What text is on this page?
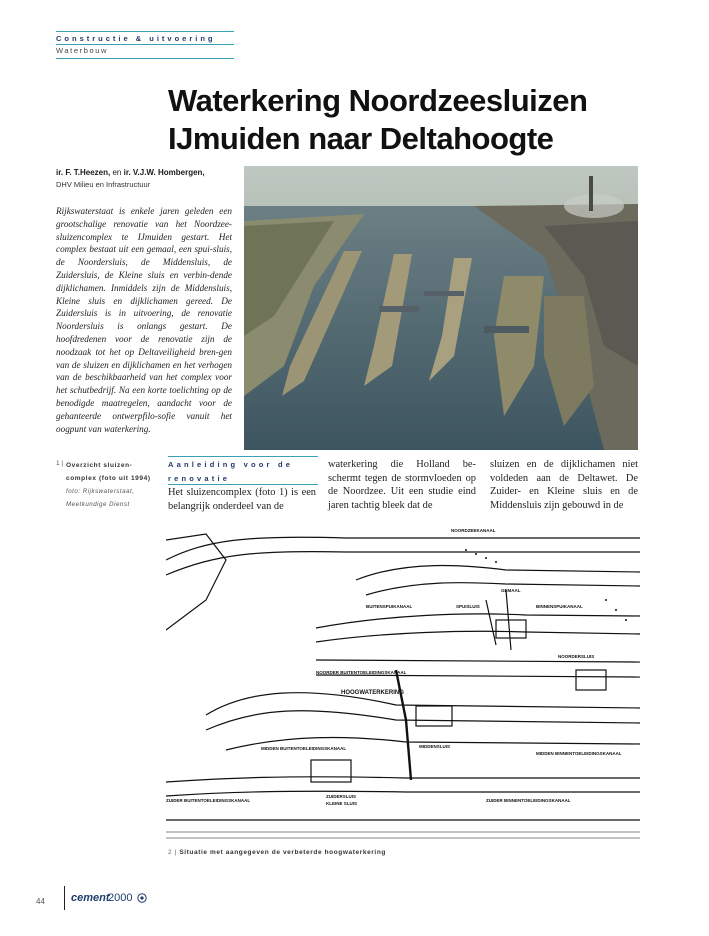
Constructie & uitvoering
Waterbouw
Waterkering Noordzeesluizen
IJmuiden naar Deltahoogte
ir. F. T.Heezen, en ir. V.J.W. Hombergen,
DHV Milieu en Infrastructuur
Rijkswaterstaat is enkele jaren geleden een grootschalige renovatie van het Noordzee-sluizencomplex te IJmuiden gestart. Het complex bestaat uit een gemaal, een spui-sluis, de Noordersluis, de Middensluis, de Zuidersluis, de Kleine sluis en verbin-dende dijklichamen. Inmiddels zijn de Middensluis, Kleine sluis en dijklichamen gereed. De Zuidersluis is in uitvoering, de renovatie Noordersluis is onlangs gestart. De hoofdredenen voor de renovatie zijn de noodzaak tot het op Deltaveiligheid bren-gen van de sluizen en dijklichamen en het verhogen van de beschikbaarheid van het complex voor het schutbedrijf. Na een korte toelichting op de benodigde maatregelen, aandacht voor de gehanteerde ontwerpfilo-sofie vanuit het oogpunt van waterkering.
1 | Overzicht sluizen-complex (foto uit 1994)
foto: Rijkswaterstaat, Meetkundige Dienst
Aanleiding voor de renovatie
Het sluizencomplex (foto 1) is een belangrijk onderdeel van de
waterkering die Holland be-schermt tegen de stormvloeden op de Noordzee. Uit een studie eind jaren tachtig bleek dat de
sluizen en de dijklichamen niet voldeden aan de Deltawet. De Zuider- en Kleine sluis en de Middensluis zijn gebouwd in de
NOORDZEEKANAAL
GEMAAL
BUITENSPUIKANAAL	SPUISLUIS	BINNENSPUIKANAAL
NOORDERSLUIS
NOORDER BUITENTOELEIDINGSKANAAL
HOOGWATERKERING
MIDDEN BUITENTOELEIDINGSKANAAL	MIDDENSLUIS
MIDDEN BINNENTOELEIDINGSKANAAL
ZUIDER BUITENTOELEIDINGSKANAAL
ZUIDERSLUIS
KLEINE SLUIS
ZUIDER BINNENTOELEIDINGSKANAAL
2 | Situatie met aangegeven de verbeterde hoogwaterkering
44 cement
2000
